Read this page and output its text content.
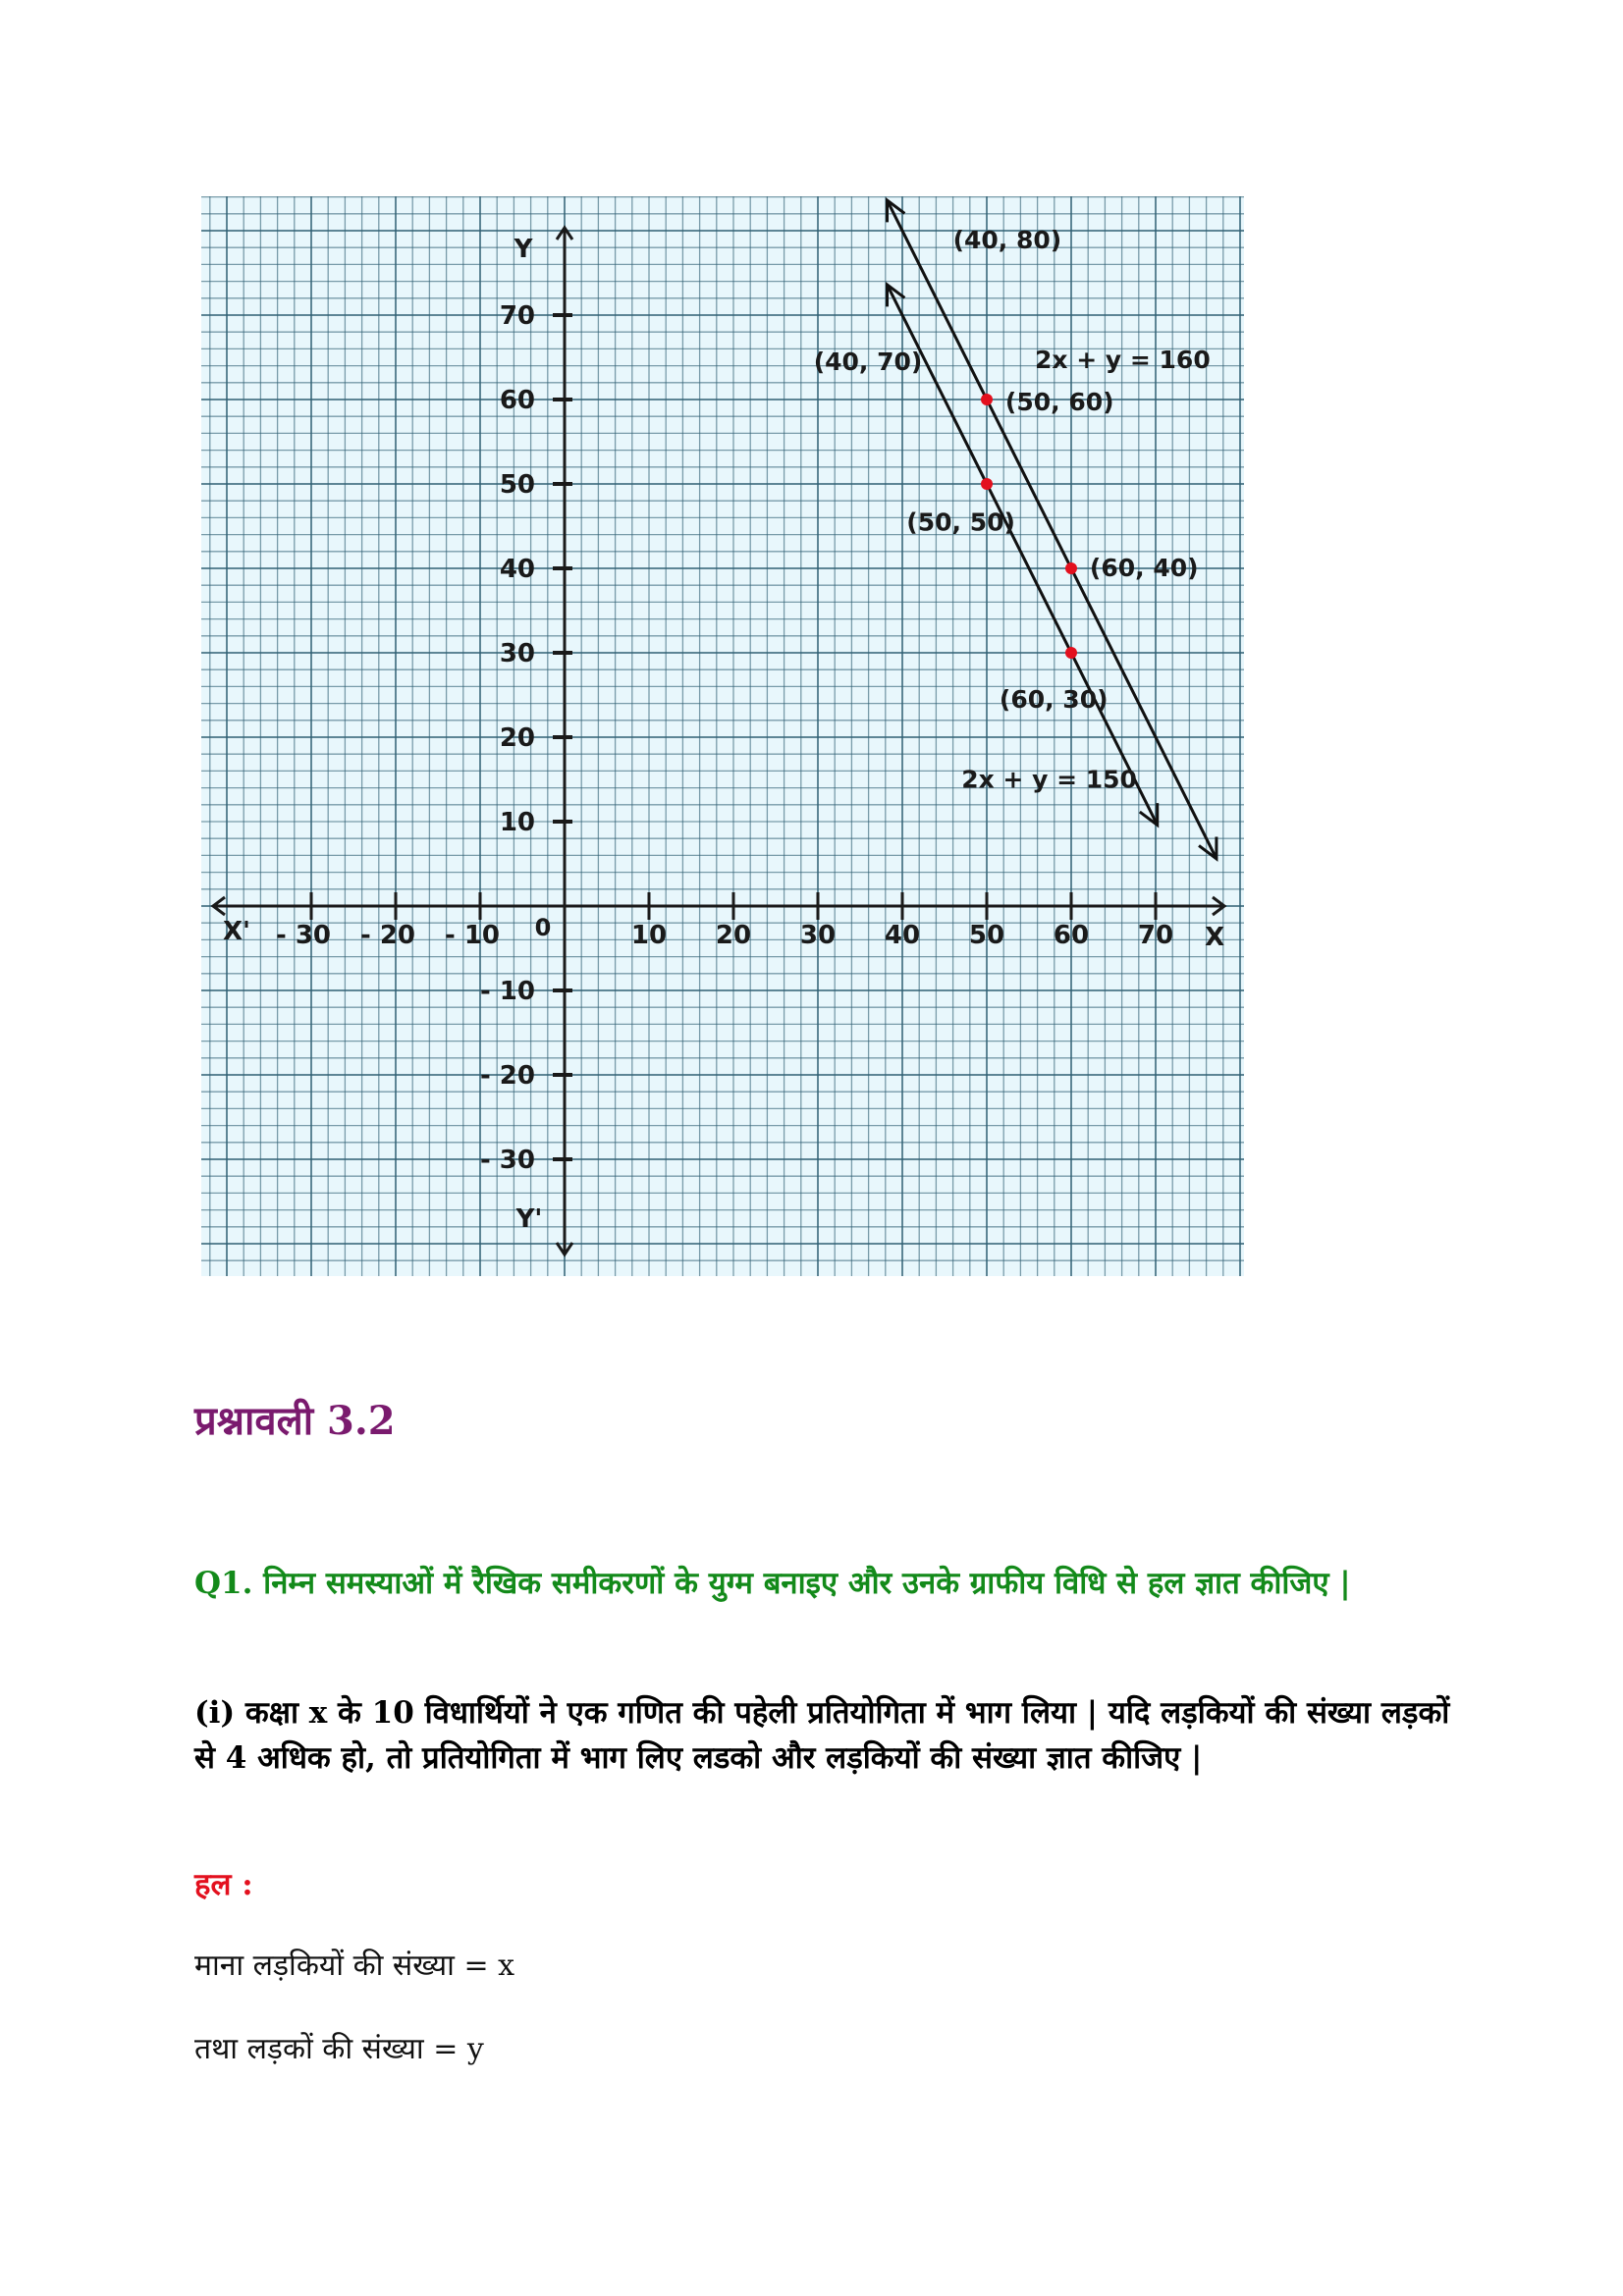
- 30 - 20 - 10	10 20 30 40 50 60 70
70
60
50
40
30
20
10
- 10
- 20
- 30
0	X
X'
Y
Y'
(40, 80)
(50, 60)
(60, 40)
(40, 70)
(50, 50)
(60, 30)
2x + y = 160
2x + y = 150
प्रश्नावली 3.2
Q1. निम्न समस्याओं में रैखिक समीकरणों के युग्म बनाइए और उनके ग्राफीय विधि से हल ज्ञात कीजिए |
(i) कक्षा x के 10 विधार्थियों ने एक गणित की पहेली प्रतियोगिता में भाग लिया | यदि लड़कियों की संख्या लड़कों से 4 अधिक हो, तो प्रतियोगिता में भाग लिए लडको और लड़कियों की संख्या ज्ञात कीजिए |
हल :
माना लड़कियों की संख्या = x
तथा लड़कों की संख्या = y
